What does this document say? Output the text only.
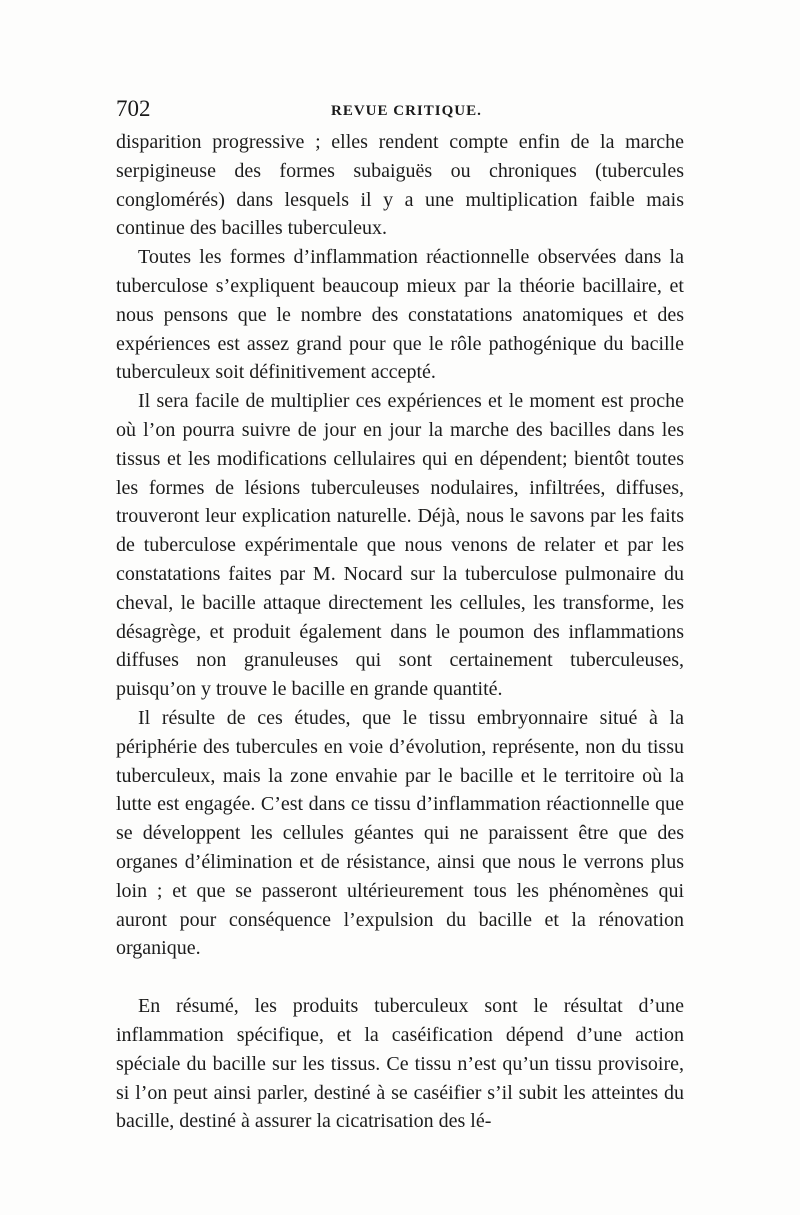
702	REVUE CRITIQUE.

disparition progressive ; elles rendent compte enfin de la marche serpigineuse des formes subaiguës ou chroniques (tubercules conglomérés) dans lesquels il y a une multiplication faible mais continue des bacilles tuberculeux.

Toutes les formes d’inflammation réactionnelle observées dans la tuberculose s’expliquent beaucoup mieux par la théorie bacillaire, et nous pensons que le nombre des constatations anatomiques et des expériences est assez grand pour que le rôle pathogénique du bacille tuberculeux soit définitivement accepté.

Il sera facile de multiplier ces expériences et le moment est proche où l’on pourra suivre de jour en jour la marche des bacilles dans les tissus et les modifications cellulaires qui en dépendent; bientôt toutes les formes de lésions tuberculeuses nodulaires, infiltrées, diffuses, trouveront leur explication naturelle. Déjà, nous le savons par les faits de tuberculose expérimentale que nous venons de relater et par les constatations faites par M. Nocard sur la tuberculose pulmonaire du cheval, le bacille attaque directement les cellules, les transforme, les désagrège, et produit également dans le poumon des inflammations diffuses non granuleuses qui sont certainement tuberculeuses, puisqu’on y trouve le bacille en grande quantité.

Il résulte de ces études, que le tissu embryonnaire situé à la périphérie des tubercules en voie d’évolution, représente, non du tissu tuberculeux, mais la zone envahie par le bacille et le territoire où la lutte est engagée. C’est dans ce tissu d’inflammation réactionnelle que se développent les cellules géantes qui ne paraissent être que des organes d’élimination et de résistance, ainsi que nous le verrons plus loin ; et que se passeront ultérieurement tous les phénomènes qui auront pour conséquence l’expulsion du bacille et la rénovation organique.

En résumé, les produits tuberculeux sont le résultat d’une inflammation spécifique, et la caséification dépend d’une action spéciale du bacille sur les tissus. Ce tissu n’est qu’un tissu provisoire, si l’on peut ainsi parler, destiné à se caséifier s’il subit les atteintes du bacille, destiné à assurer la cicatrisation des lé-
